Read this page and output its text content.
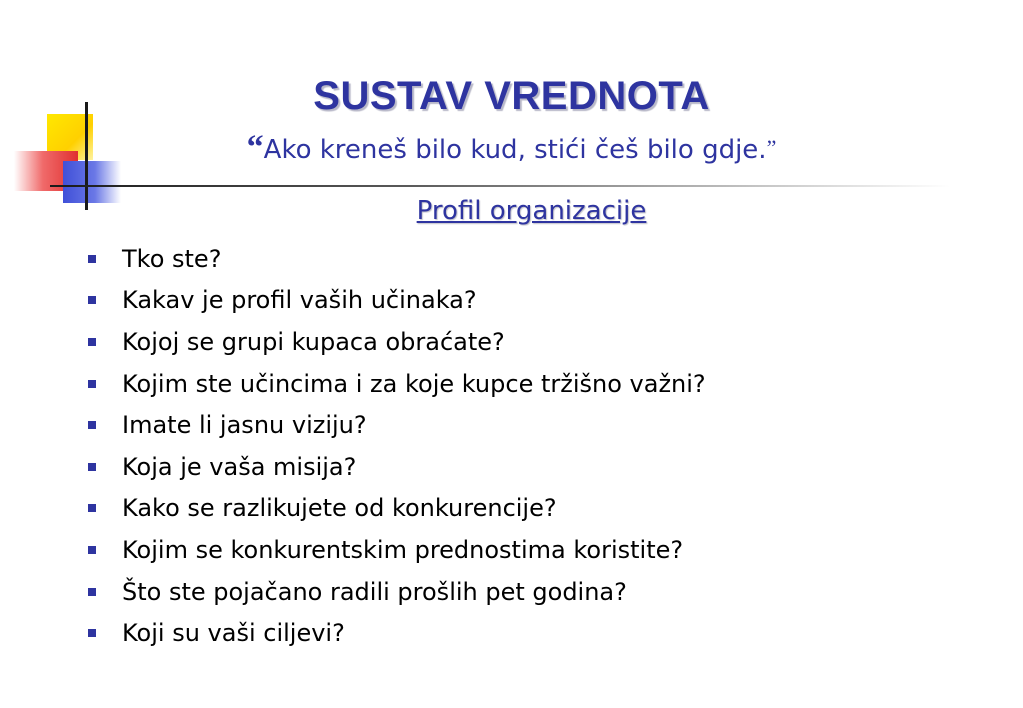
SUSTAV VREDNOTA

“Ako kreneš bilo kud, stići češ bilo gdje.”

Profil organizacije

Tko ste?
Kakav je profil vaših učinaka?
Kojoj se grupi kupaca obraćate?
Kojim ste učincima i za koje kupce tržišno važni?
Imate li jasnu viziju?
Koja je vaša misija?
Kako se razlikujete od konkurencije?
Kojim se konkurentskim prednostima koristite?
Što ste pojačano radili prošlih pet godina?
Koji su vaši ciljevi?
